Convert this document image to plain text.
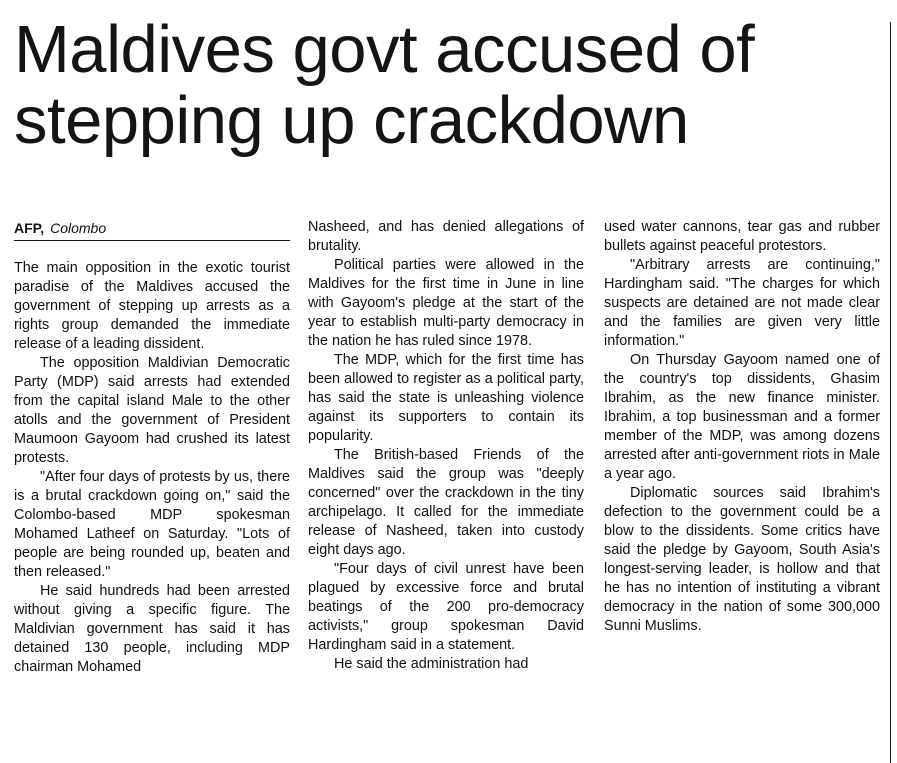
Maldives govt accused of stepping up crackdown
AFP, Colombo

The main opposition in the exotic tourist paradise of the Maldives accused the government of stepping up arrests as a rights group demanded the immediate release of a leading dissident.

The opposition Maldivian Democratic Party (MDP) said arrests had extended from the capital island Male to the other atolls and the government of President Maumoon Gayoom had crushed its latest protests.

"After four days of protests by us, there is a brutal crackdown going on," said the Colombo-based MDP spokesman Mohamed Latheef on Saturday. "Lots of people are being rounded up, beaten and then released."

He said hundreds had been arrested without giving a specific figure. The Maldivian government has said it has detained 130 people, including MDP chairman Mohamed

Nasheed, and has denied allegations of brutality.

Political parties were allowed in the Maldives for the first time in June in line with Gayoom's pledge at the start of the year to establish multi-party democracy in the nation he has ruled since 1978.

The MDP, which for the first time has been allowed to register as a political party, has said the state is unleashing violence against its supporters to contain its popularity.

The British-based Friends of the Maldives said the group was "deeply concerned" over the crackdown in the tiny archipelago. It called for the immediate release of Nasheed, taken into custody eight days ago.

"Four days of civil unrest have been plagued by excessive force and brutal beatings of the 200 pro-democracy activists," group spokesman David Hardingham said in a statement.

He said the administration had

used water cannons, tear gas and rubber bullets against peaceful protestors.

"Arbitrary arrests are continuing," Hardingham said. "The charges for which suspects are detained are not made clear and the families are given very little information."

On Thursday Gayoom named one of the country's top dissidents, Ghasim Ibrahim, as the new finance minister. Ibrahim, a top businessman and a former member of the MDP, was among dozens arrested after anti-government riots in Male a year ago.

Diplomatic sources said Ibrahim's defection to the government could be a blow to the dissidents. Some critics have said the pledge by Gayoom, South Asia's longest-serving leader, is hollow and that he has no intention of instituting a vibrant democracy in the nation of some 300,000 Sunni Muslims.
